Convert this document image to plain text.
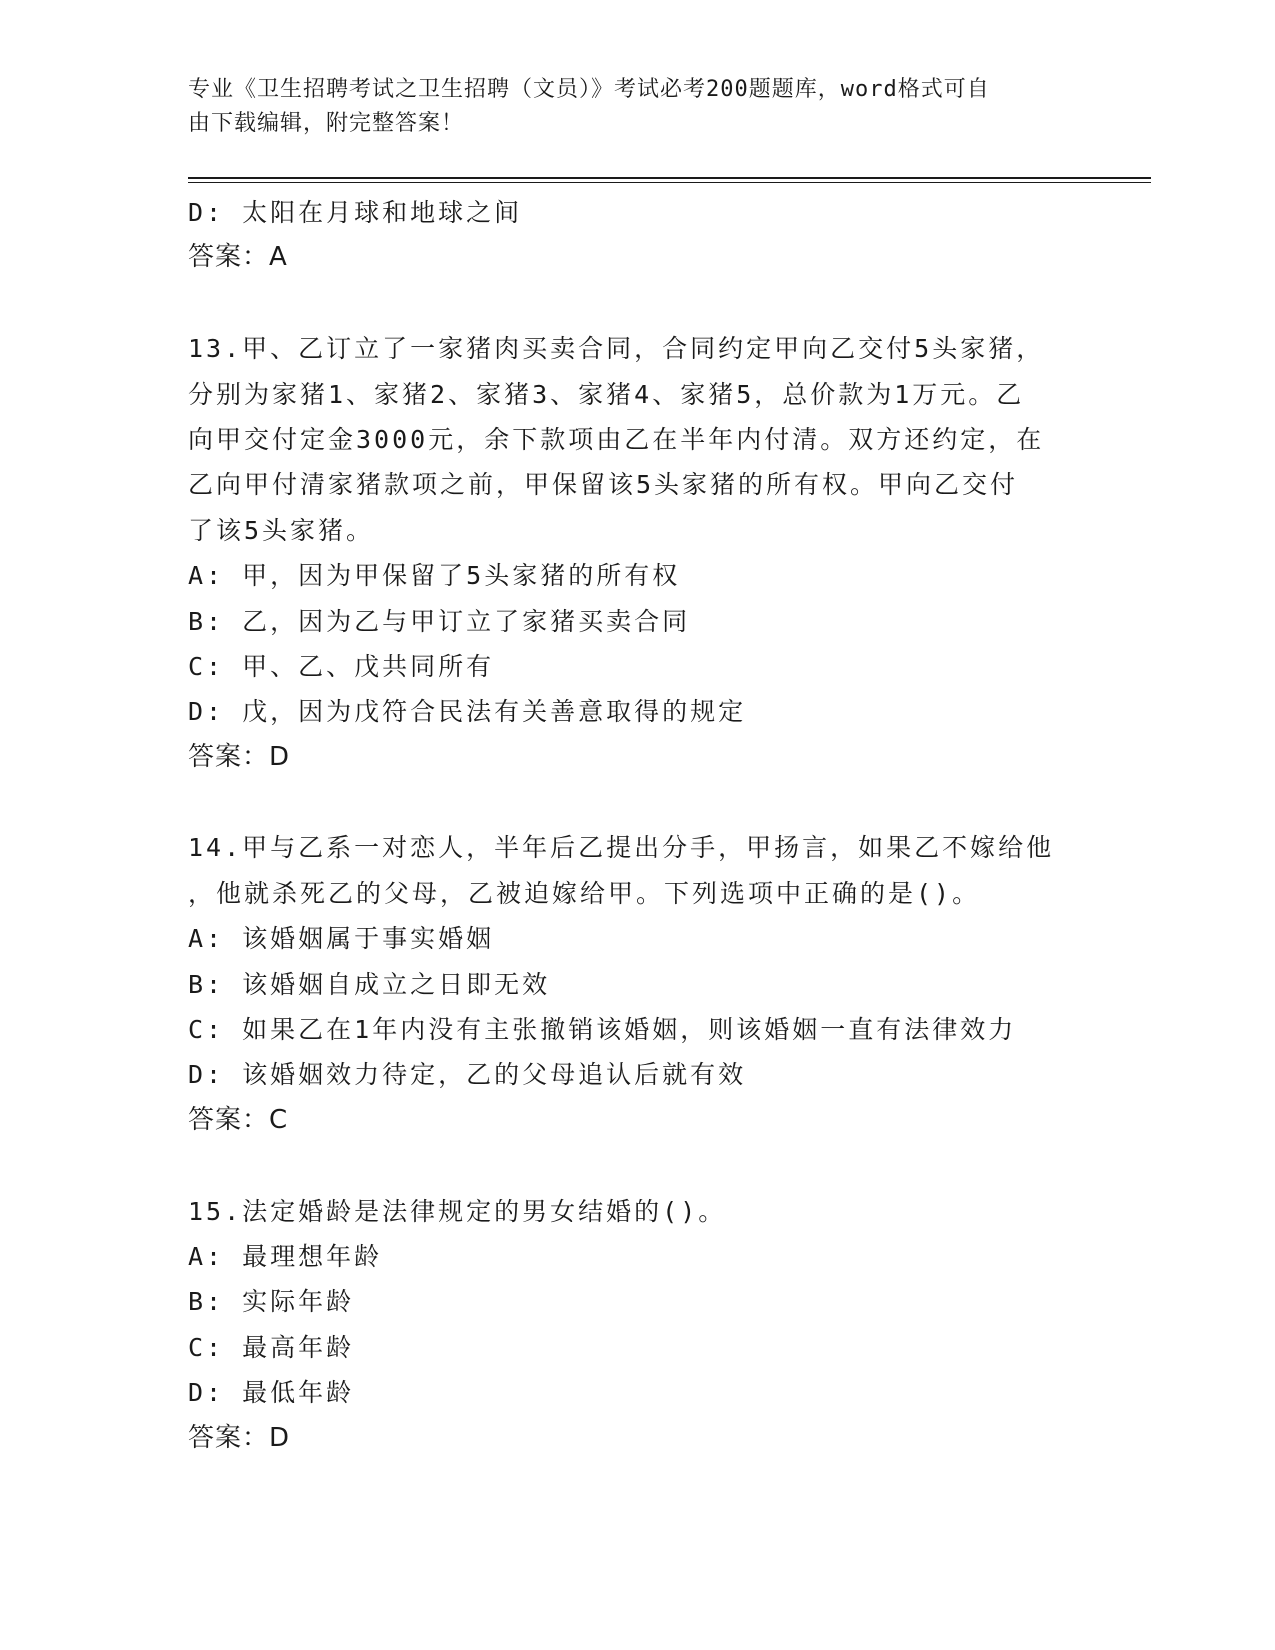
专业《卫生招聘考试之卫生招聘（文员）》考试必考200题题库，word格式可自
由下载编辑，附完整答案！
D: 太阳在月球和地球之间
答案：A
13.甲、乙订立了一家猪肉买卖合同，合同约定甲向乙交付5头家猪，
分别为家猪1、家猪2、家猪3、家猪4、家猪5，总价款为1万元。乙
向甲交付定金3000元，余下款项由乙在半年内付清。双方还约定，在
乙向甲付清家猪款项之前，甲保留该5头家猪的所有权。甲向乙交付
了该5头家猪。
A: 甲，因为甲保留了5头家猪的所有权
B: 乙，因为乙与甲订立了家猪买卖合同
C: 甲、乙、戊共同所有
D: 戊，因为戊符合民法有关善意取得的规定
答案：D
14.甲与乙系一对恋人，半年后乙提出分手，甲扬言，如果乙不嫁给他
，他就杀死乙的父母，乙被迫嫁给甲。下列选项中正确的是()。
A: 该婚姻属于事实婚姻
B: 该婚姻自成立之日即无效
C: 如果乙在1年内没有主张撤销该婚姻，则该婚姻一直有法律效力
D: 该婚姻效力待定，乙的父母追认后就有效
答案：C
15.法定婚龄是法律规定的男女结婚的()。
A: 最理想年龄
B: 实际年龄
C: 最高年龄
D: 最低年龄
答案：D
